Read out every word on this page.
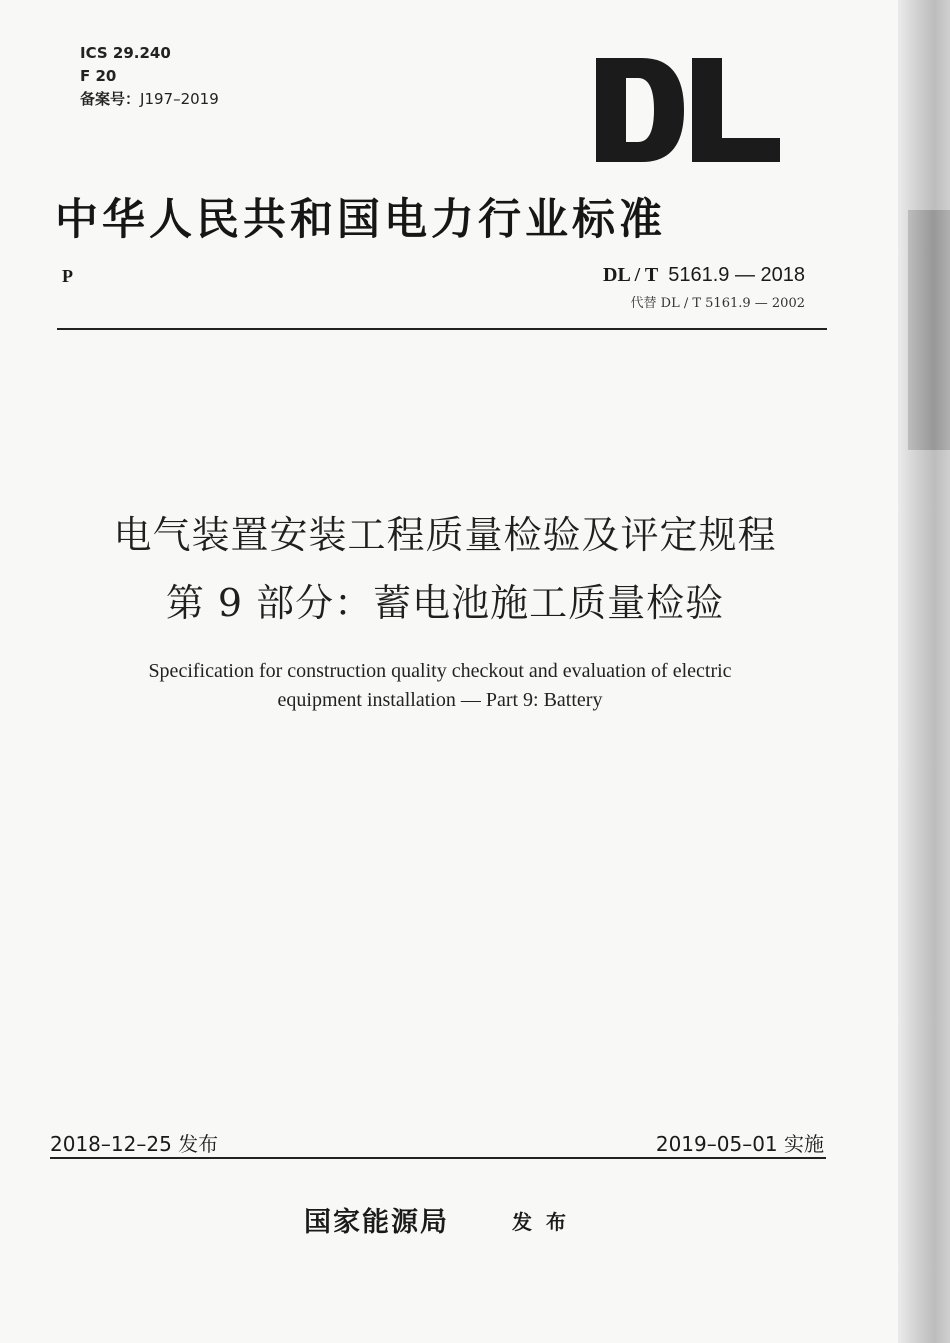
ICS 29.240
F 20
备案号：J197–2019
中华人民共和国电力行业标准
P	DL / T 5161.9 — 2018
代替 DL / T 5161.9 — 2002
电气装置安装工程质量检验及评定规程
第 9 部分：蓄电池施工质量检验
Specification for construction quality checkout and evaluation of electric
equipment installation — Part 9: Battery
2018–12–25 发布	2019–05–01 实施
国家能源局	发布
